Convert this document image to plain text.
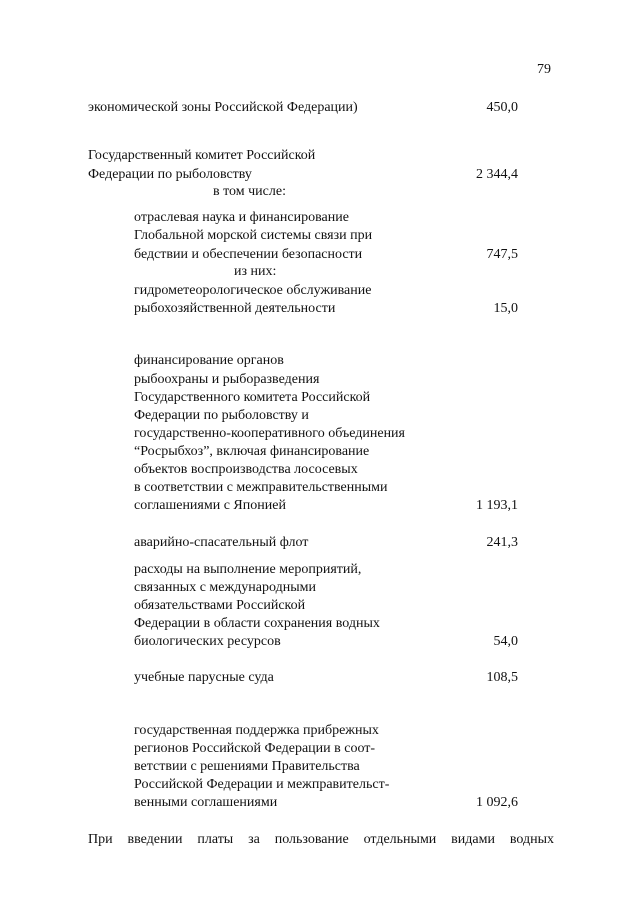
79
экономической зоны Российской Федерации)	450,0
Государственный комитет Российской
Федерации по рыболовству	2 344,4
в том числе:
отраслевая наука и финансирование
Глобальной морской системы связи при
бедствии и обеспечении безопасности	747,5
из них:
гидрометеорологическое обслуживание
рыбохозяйственной деятельности	15,0
финансирование органов
рыбоохраны и рыборазведения
Государственного комитета Российской
Федерации по рыболовству и
государственно-кооперативного объединения
“Росрыбхоз”, включая финансирование
объектов воспроизводства лососевых
в соответствии с межправительственными
соглашениями с Японией	1 193,1
аварийно-спасательный флот	241,3
расходы на выполнение мероприятий,
связанных с международными
обязательствами Российской
Федерации в области сохранения водных
биологических ресурсов	54,0
учебные парусные суда	108,5
государственная поддержка прибрежных
регионов Российской Федерации в соот-
ветствии с решениями Правительства
Российской Федерации и межправительст-
венными соглашениями	1 092,6
При введении платы за пользование отдельными видами водных
